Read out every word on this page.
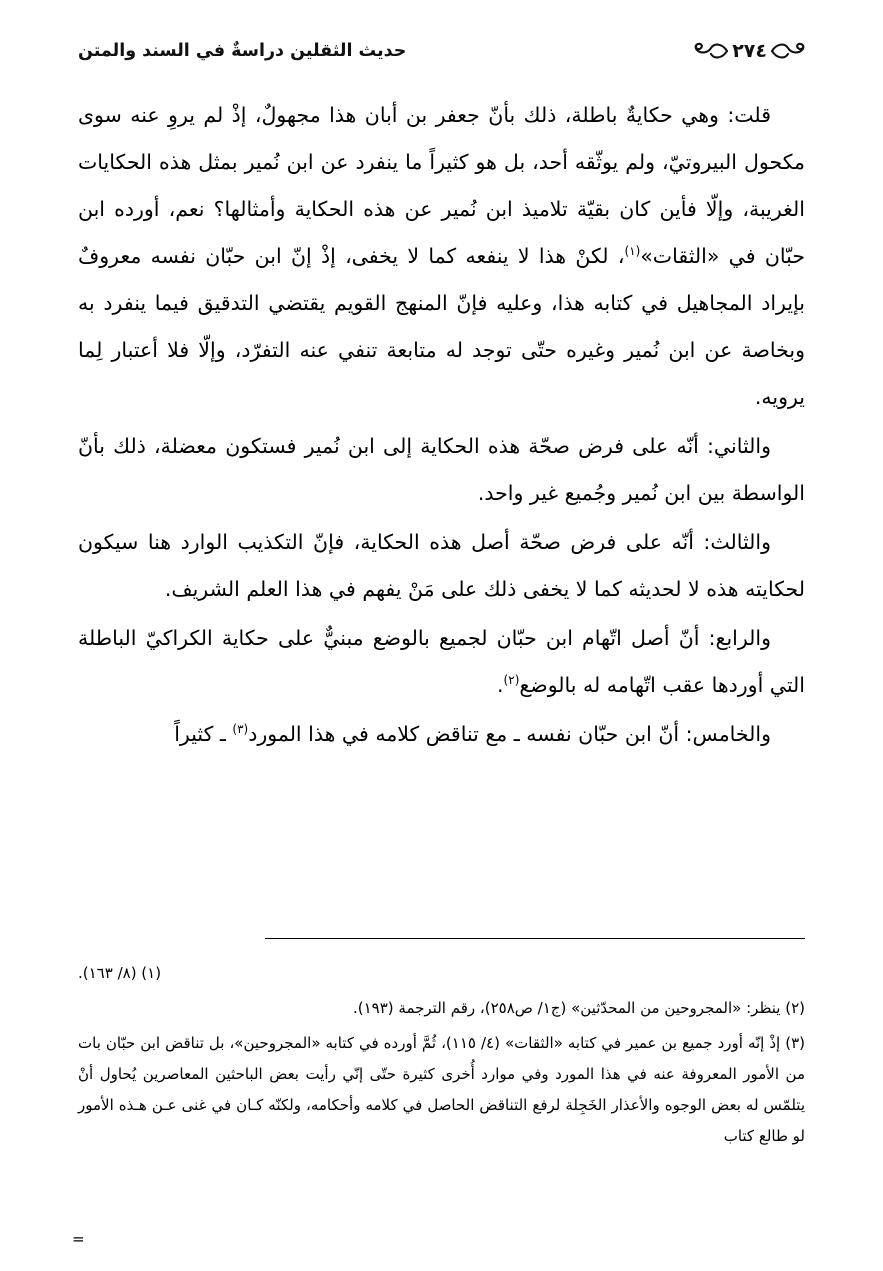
حديث الثقلين دراسةٌ في السند والمتن	٢٧٤

قلت: وهي حكايةٌ باطلة، ذلك بأنّ جعفر بن أبان هذا مجهولٌ، إذْ لم يروِ عنه سوى مكحول البيروتيّ، ولم يوثّقه أحد، بل هو كثيراً ما ينفرد عن ابن نُمير بمثل هذه الحكايات الغريبة، وإلّا فأين كان بقيّة تلاميذ ابن نُمير عن هذه الحكاية وأمثالها؟ نعم، أورده ابن حبّان في «الثقات»$^{(١)}$، لكنْ هذا لا ينفعه كما لا يخفى، إذْ إنّ ابن حبّان نفسه معروفٌ بإيراد المجاهيل في كتابه هذا، وعليه فإنّ المنهج القويم يقتضي التدقيق فيما ينفرد به وبخاصة عن ابن نُمير وغيره حتّى توجد له متابعة تنفي عنه التفرّد، وإلّا فلا أعتبار لِما يرويه.

والثاني: أنّه على فرض صحّة هذه الحكاية إلى ابن نُمير فستكون معضلة، ذلك بأنّ الواسطة بين ابن نُمير وجُميع غير واحد.

والثالث: أنّه على فرض صحّة أصل هذه الحكاية، فإنّ التكذيب الوارد هنا سيكون لحكايته هذه لا لحديثه كما لا يخفى ذلك على مَنْ يفهم في هذا العلم الشريف.

والرابع: أنّ أصل اتّهام ابن حبّان لجميع بالوضع مبنيٌّ على حكاية الكراكيّ الباطلة التي أوردها عقب اتّهامه له بالوضع$^{(٢)}$.

والخامس: أنّ ابن حبّان نفسه ـ مع تناقض كلامه في هذا المورد$^{(٣)}$ ـ كثيراً

(١) (٨/ ١٦٣).

(٢) ينظر: «المجروحين من المحدّثين» (ج١/ ص٢٥٨)، رقم الترجمة (١٩٣).

(٣) إذْ إنّه أورد جميع بن عمير في كتابه «الثقات» (٤/ ١١٥)، ثُمَّ أورده في كتابه «المجروحين»، بل تناقض ابن حبّان بات من الأمور المعروفة عنه في هذا المورد وفي موارد أُخرى كثيرة حتّى إنّي رأيت بعض الباحثين المعاصرين يُحاول أنْ يتلمّس له بعض الوجوه والأعذار الخَجِلة لرفع التناقض الحاصل في كلامه وأحكامه، ولكنّه كـان في غنى عـن هـذه الأمور لو طالع كتاب

=
